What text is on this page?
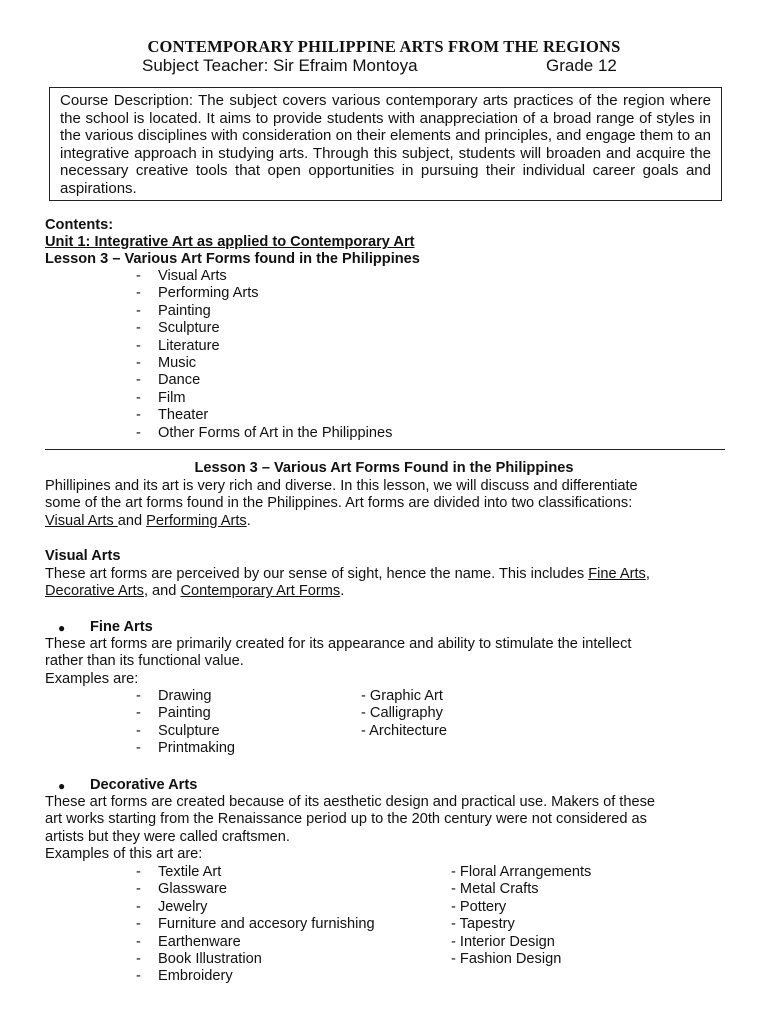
CONTEMPORARY PHILIPPINE ARTS FROM THE REGIONS
Subject Teacher: Sir Efraim Montoya	Grade 12
Course Description: The subject covers various contemporary arts practices of the region where the school is located. It aims to provide students with anappreciation of a broad range of styles in the various disciplines with consideration on their elements and principles, and engage them to an integrative approach in studying arts. Through this subject, students will broaden and acquire the necessary creative tools that open opportunities in pursuing their individual career goals and aspirations.
Contents:
Unit 1: Integrative Art as applied to Contemporary Art
Lesson 3 – Various Art Forms found in the Philippines
- Visual Arts
- Performing Arts
- Painting
- Sculpture
- Literature
- Music
- Dance
- Film
- Theater
- Other Forms of Art in the Philippines
Lesson 3 – Various Art Forms Found in the Philippines
Phillipines and its art is very rich and diverse. In this lesson, we will discuss and differentiate
some of the art forms found in the Philippines. Art forms are divided into two classifications:
Visual Arts and Performing Arts.
Visual Arts
These art forms are perceived by our sense of sight, hence the name. This includes Fine Arts,
Decorative Arts, and Contemporary Art Forms.
● Fine Arts
These art forms are primarily created for its appearance and ability to stimulate the intellect
rather than its functional value.
Examples are:
- Drawing
- Painting
- Sculpture
- Printmaking
- Graphic Art
- Calligraphy
- Architecture
● Decorative Arts
These art forms are created because of its aesthetic design and practical use. Makers of these
art works starting from the Renaissance period up to the 20th century were not considered as
artists but they were called craftsmen.
Examples of this art are:
- Textile Art
- Glassware
- Jewelry
- Furniture and accesory furnishing
- Earthenware
- Book Illustration
- Embroidery
- Floral Arrangements
- Metal Crafts
- Pottery
- Tapestry
- Interior Design
- Fashion Design
